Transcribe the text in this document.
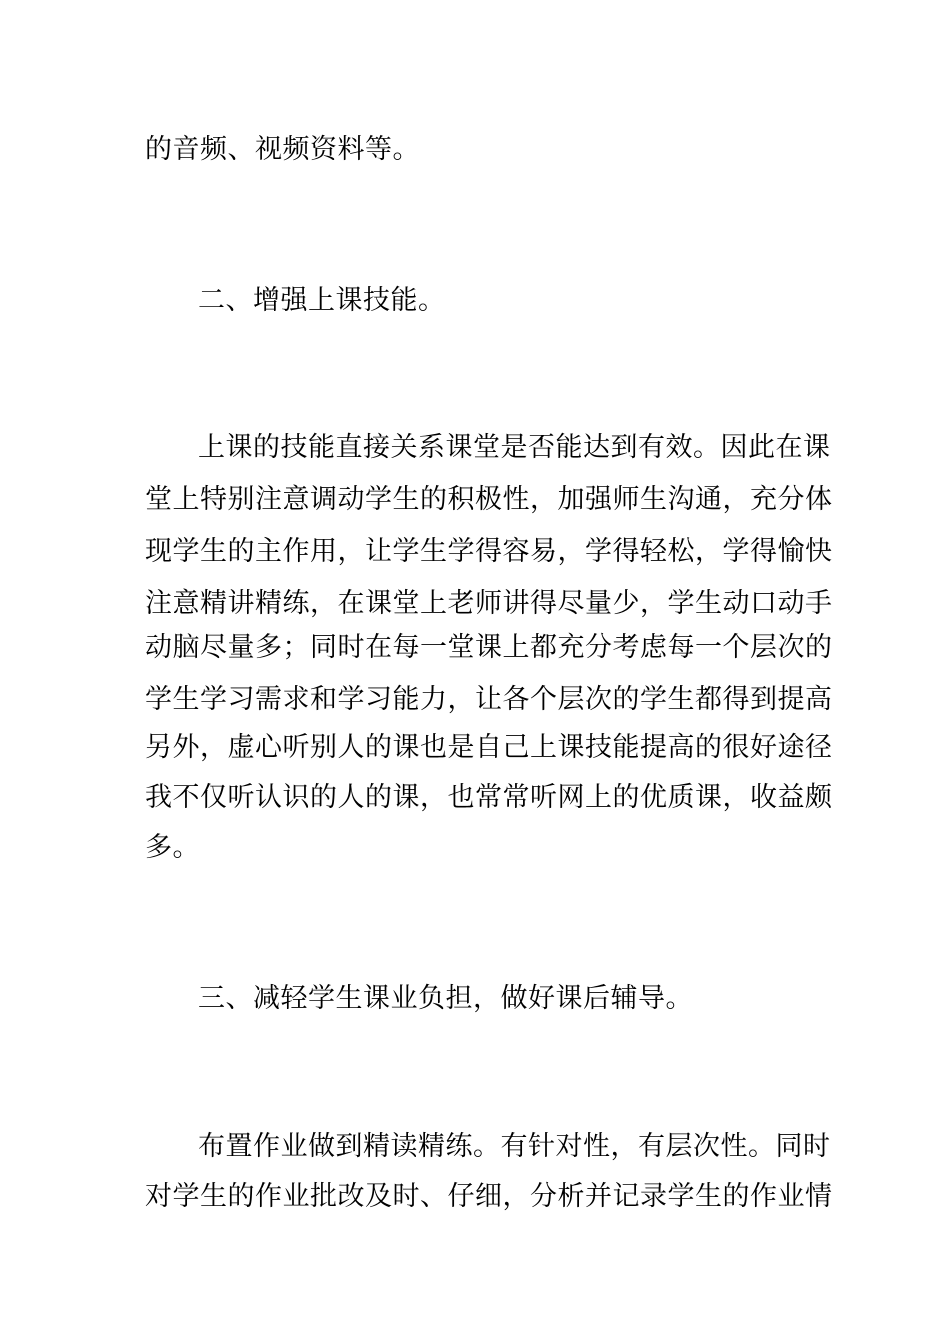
的音频、视频资料等。
二、增强上课技能。
上课的技能直接关系课堂是否能达到有效。因此在课
堂上特别注意调动学生的积极性，加强师生沟通，充分体
现学生的主作用，让学生学得容易，学得轻松，学得愉快
注意精讲精练，在课堂上老师讲得尽量少，学生动口动手
动脑尽量多；同时在每一堂课上都充分考虑每一个层次的
学生学习需求和学习能力，让各个层次的学生都得到提高
另外，虚心听别人的课也是自己上课技能提高的很好途径
我不仅听认识的人的课，也常常听网上的优质课，收益颇
多。
三、减轻学生课业负担，做好课后辅导。
布置作业做到精读精练。有针对性，有层次性。同时
对学生的作业批改及时、仔细，分析并记录学生的作业情
